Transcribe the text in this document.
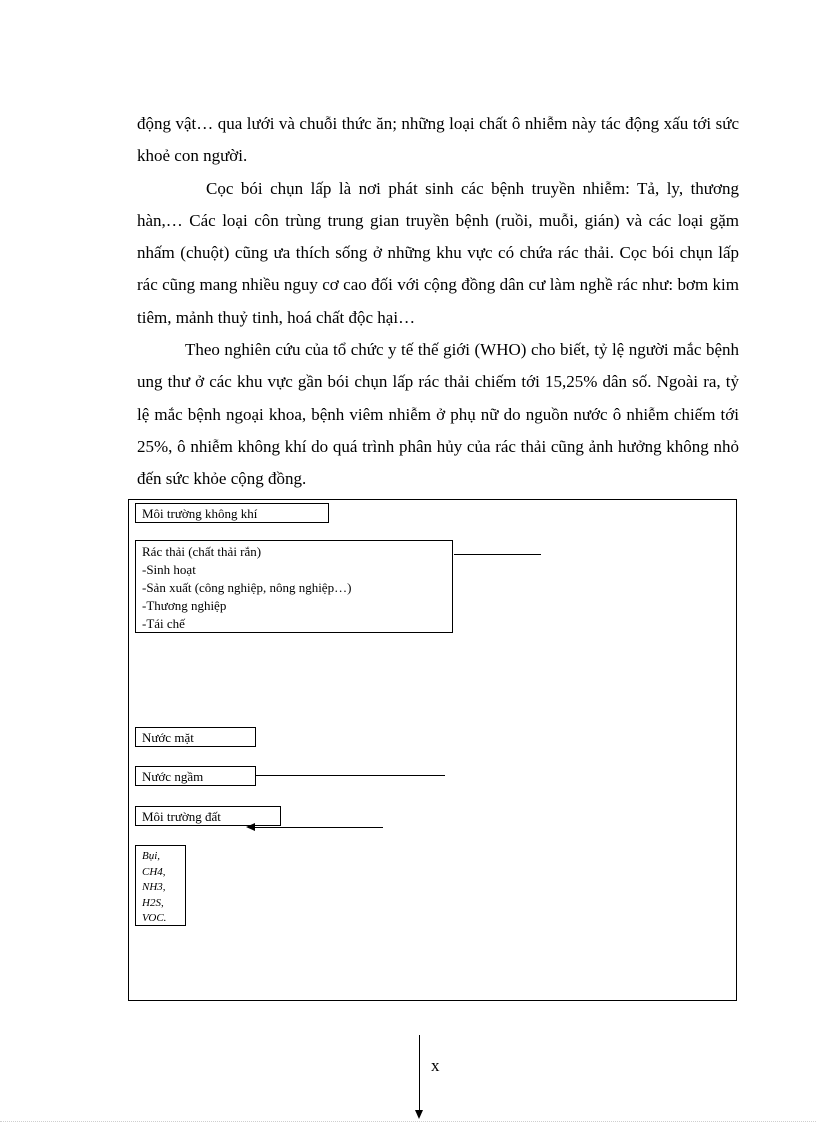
động vật… qua lưới và chuỗi thức ăn; những loại chất ô nhiễm này tác động xấu tới sức khoẻ con người.

Cọc bói chụn lấp là nơi phát sinh các bệnh truyền nhiễm: Tả, ly, thương hàn,… Các loại côn trùng trung gian truyền bệnh (ruồi, muỗi, gián) và các loại gặm nhấm (chuột) cũng ưa thích sống ở những khu vực có chứa rác thải. Cọc bói chụn lấp rác cũng mang nhiều nguy cơ cao đối với cộng đồng dân cư làm nghề rác như: bơm kim tiêm, mảnh thuỷ tinh, hoá chất độc hại…

Theo nghiên cứu của tổ chức y tế thế giới (WHO) cho biết, tỷ lệ người mắc bệnh ung thư ở các khu vực gần bói chụn lấp rác thải chiếm tới 15,25% dân số. Ngoài ra, tỷ lệ mắc bệnh ngoại khoa, bệnh viêm nhiễm ở phụ nữ do nguồn nước ô nhiễm chiếm tới 25%, ô nhiễm không khí do quá trình phân hủy của rác thải cũng ảnh hưởng không nhỏ đến sức khỏe cộng đồng.

Môi trường không khí
Rác thải (chất thải rắn)
-Sinh hoạt
-Sản xuất (công nghiệp, nông nghiệp…)
-Thương nghiệp
-Tái chế
Nước mặt
Nước ngầm
Môi trường đất
Bụi,
CH4,
NH3,
H2S,
VOC.
x
